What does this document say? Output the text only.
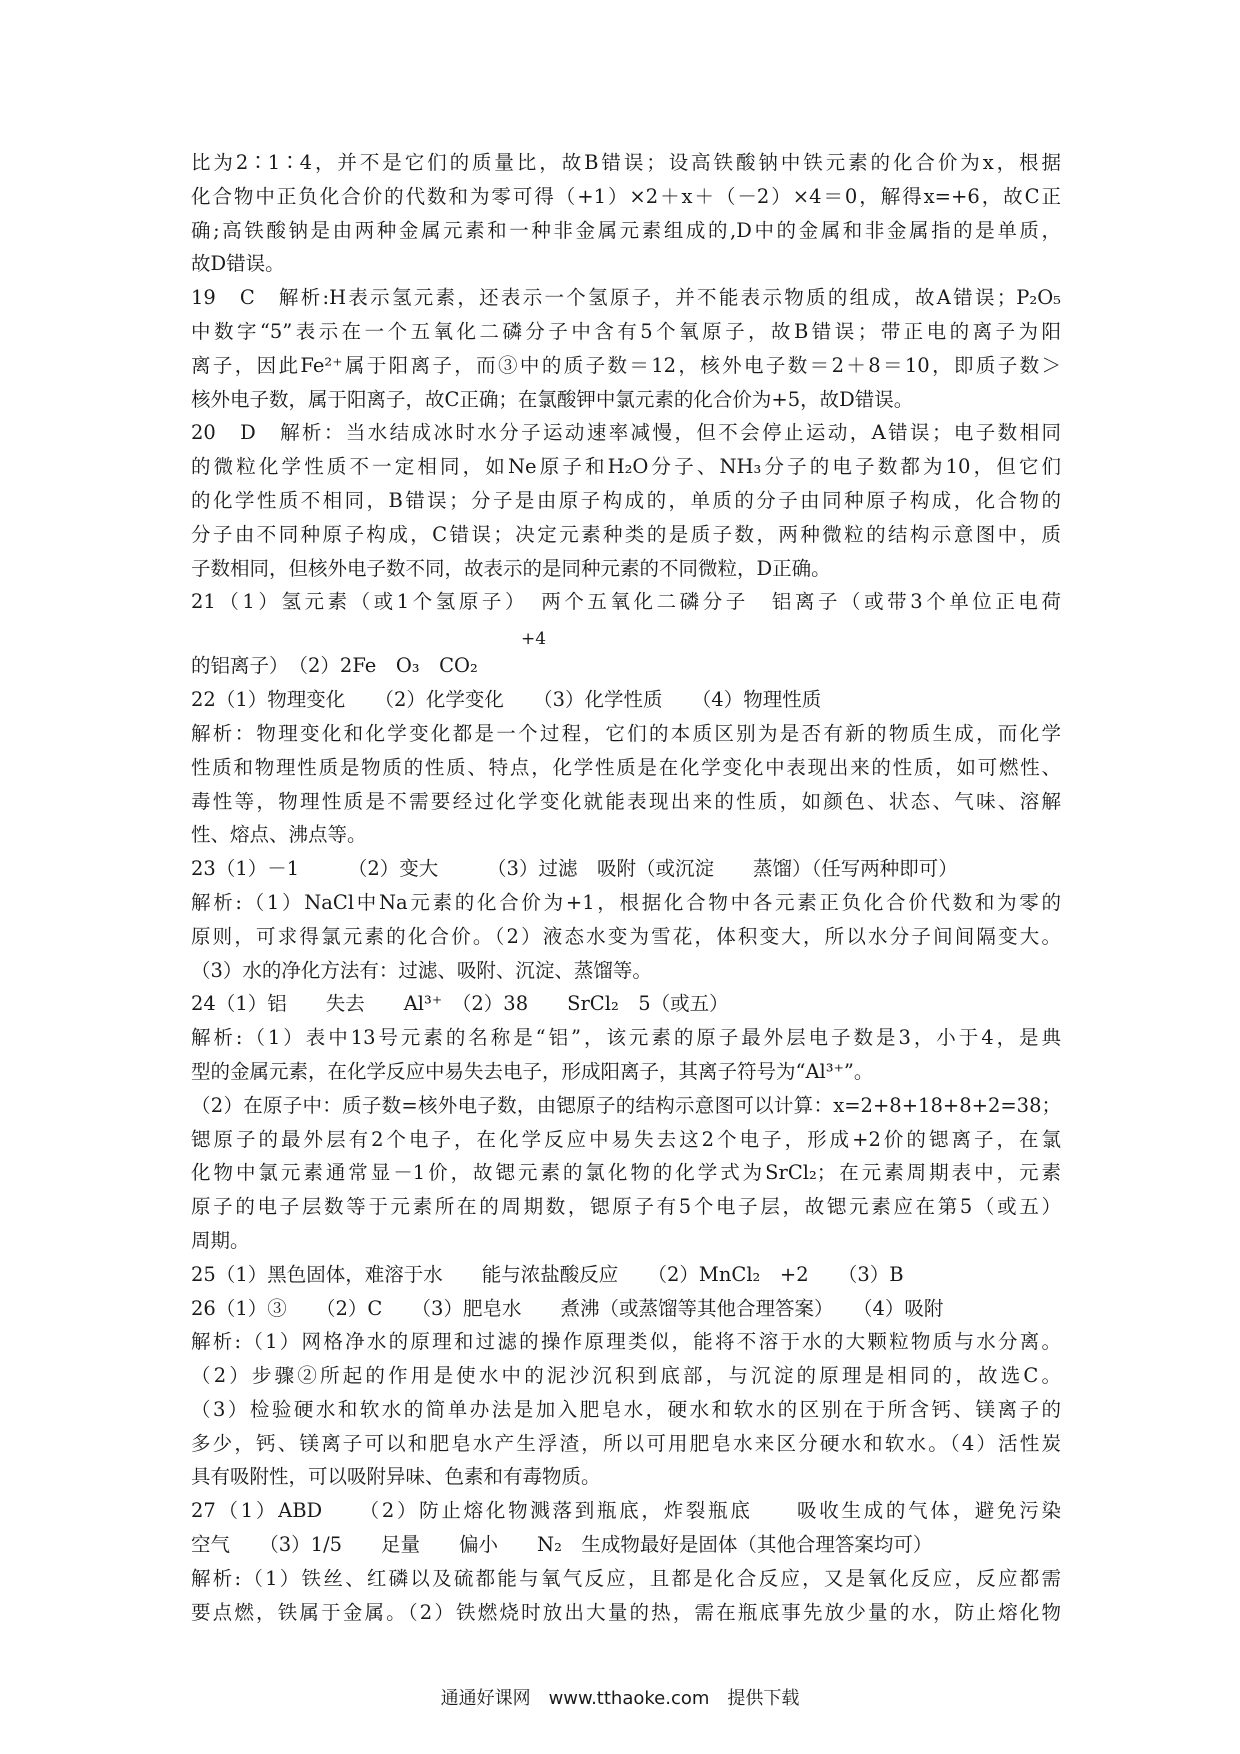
比为2∶1∶4，并不是它们的质量比，故B错误；设高铁酸钠中铁元素的化合价为x，根据
化合物中正负化合价的代数和为零可得（+1）×2＋x＋（－2）×4＝0，解得x=+6，故C正
确;高铁酸钠是由两种金属元素和一种非金属元素组成的,D中的金属和非金属指的是单质，
故D错误。
19　C　解析:H表示氢元素，还表示一个氢原子，并不能表示物质的组成，故A错误；P₂O₅
中数字“5”表示在一个五氧化二磷分子中含有5个氧原子，故B错误；带正电的离子为阳
离子，因此Fe²⁺属于阳离子，而③中的质子数＝12，核外电子数＝2＋8＝10，即质子数＞
核外电子数，属于阳离子，故C正确；在氯酸钾中氯元素的化合价为+5，故D错误。
20　D　解析：当水结成冰时水分子运动速率减慢，但不会停止运动，A错误；电子数相同
的微粒化学性质不一定相同，如Ne原子和H₂O分子、NH₃分子的电子数都为10，但它们
的化学性质不相同，B错误；分子是由原子构成的，单质的分子由同种原子构成，化合物的
分子由不同种原子构成，C错误；决定元素种类的是质子数，两种微粒的结构示意图中，质
子数相同，但核外电子数不同，故表示的是同种元素的不同微粒，D正确。
21（1）氢元素（或1个氢原子）　两个五氧化二磷分子　铝离子（或带3个单位正电荷
+4
的铝离子）　（2）2Fe　O₃　CO₂
22（1）物理变化　　（2）化学变化　　（3）化学性质　　（4）物理性质
解析：物理变化和化学变化都是一个过程，它们的本质区别为是否有新的物质生成，而化学
性质和物理性质是物质的性质、特点，化学性质是在化学变化中表现出来的性质，如可燃性、
毒性等，物理性质是不需要经过化学变化就能表现出来的性质，如颜色、状态、气味、溶解
性、熔点、沸点等。
23（1）－1　　　（2）变大　　　（3）过滤　吸附（或沉淀　　蒸馏）（任写两种即可）
解析:（1）NaCl中Na元素的化合价为+1，根据化合物中各元素正负化合价代数和为零的
原则，可求得氯元素的化合价。（2）液态水变为雪花，体积变大，所以水分子间间隔变大。
（3）水的净化方法有：过滤、吸附、沉淀、蒸馏等。
24（1）铝　　失去　　Al³⁺　（2）38　　SrCl₂　5（或五）
解析:（1）表中13号元素的名称是“铝”，该元素的原子最外层电子数是3，小于4，是典
型的金属元素，在化学反应中易失去电子，形成阳离子，其离子符号为“Al³⁺”。
（2）在原子中：质子数=核外电子数，由锶原子的结构示意图可以计算：x=2+8+18+8+2=38；
锶原子的最外层有2个电子，在化学反应中易失去这2个电子，形成+2价的锶离子，在氯
化物中氯元素通常显－1价，故锶元素的氯化物的化学式为SrCl₂；在元素周期表中，元素
原子的电子层数等于元素所在的周期数，锶原子有5个电子层，故锶元素应在第5（或五）
周期。
25（1）黑色固体，难溶于水　　能与浓盐酸反应　　（2）MnCl₂　+2　　（3）B
26（1）③　　（2）C　　（3）肥皂水　　煮沸（或蒸馏等其他合理答案）　　（4）吸附
解析:（1）网格净水的原理和过滤的操作原理类似，能将不溶于水的大颗粒物质与水分离。
（2）步骤②所起的作用是使水中的泥沙沉积到底部，与沉淀的原理是相同的，故选C。
（3）检验硬水和软水的简单办法是加入肥皂水，硬水和软水的区别在于所含钙、镁离子的
多少，钙、镁离子可以和肥皂水产生浮渣，所以可用肥皂水来区分硬水和软水。（4）活性炭
具有吸附性，可以吸附异味、色素和有毒物质。
27（1）ABD　　（2）防止熔化物溅落到瓶底，炸裂瓶底　　吸收生成的气体，避免污染
空气　　（3）1/5　　足量　　偏小　　N₂　生成物最好是固体（其他合理答案均可）
解析:（1）铁丝、红磷以及硫都能与氧气反应，且都是化合反应，又是氧化反应，反应都需
要点燃，铁属于金属。（2）铁燃烧时放出大量的热，需在瓶底事先放少量的水，防止熔化物
通通好课网　www.tthaoke.com　提供下载
